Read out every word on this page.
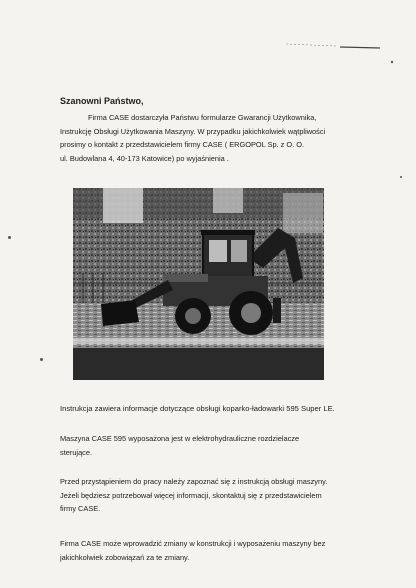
Szanowni Państwo,
Firma CASE dostarczyła Państwu formularze Gwarancji Użytkownika,
Instrukcję Obsługi Użytkowania Maszyny. W przypadku jakichkolwiek wątpliwości
prosimy o kontakt z przedstawicielem firmy CASE ( ERGOPOL Sp. z O. O.
ul. Budowlana 4, 40-173 Katowice) po wyjaśnienia .
Instrukcja zawiera informacje dotyczące obsługi koparko-ładowarki 595 Super LE.
Maszyna CASE 595 wyposażona jest w elektrohydrauliczne rozdzielacze
sterujące.
Przed przystąpieniem do pracy należy zapoznać się z instrukcją obsługi maszyny.
Jeżeli będziesz potrzebował więcej informacji, skontaktuj się z przedstawicielem
firmy CASE.
Firma CASE może wprowadzić zmiany w konstrukcji i wyposażeniu maszyny bez
jakichkolwiek zobowiązań za te zmiany.
